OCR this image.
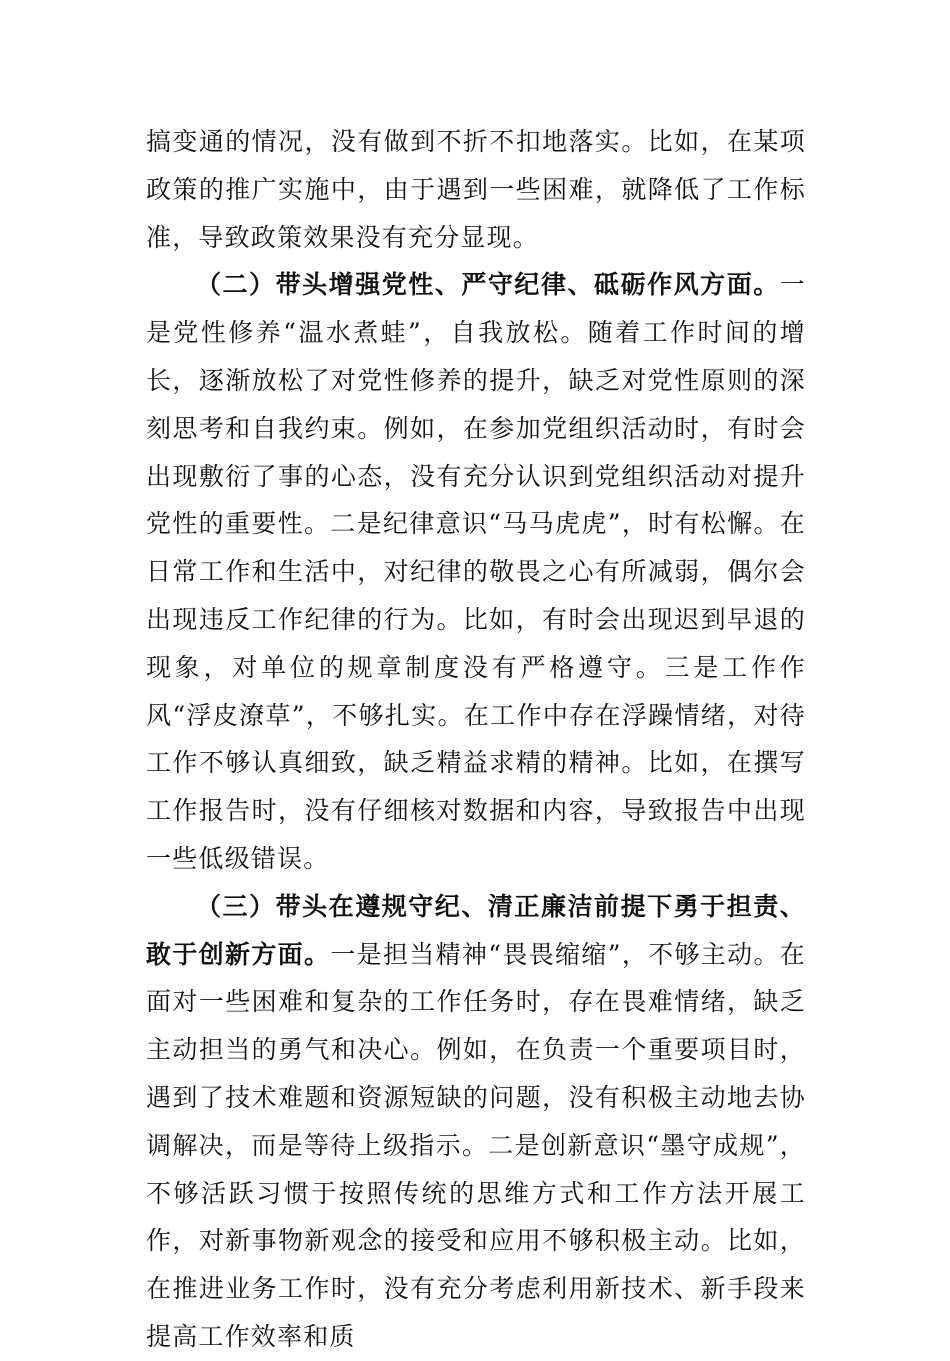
搞变通的情况，没有做到不折不扣地落实。比如，在某项政策的推广实施中，由于遇到一些困难，就降低了工作标准，导致政策效果没有充分显现。

（二）带头增强党性、严守纪律、砥砺作风方面。一是党性修养“温水煮蛙”，自我放松。随着工作时间的增长，逐渐放松了对党性修养的提升，缺乏对党性原则的深刻思考和自我约束。例如，在参加党组织活动时，有时会出现敷衍了事的心态，没有充分认识到党组织活动对提升党性的重要性。二是纪律意识“马马虎虎”，时有松懈。在日常工作和生活中，对纪律的敬畏之心有所减弱，偶尔会出现违反工作纪律的行为。比如，有时会出现迟到早退的现象，对单位的规章制度没有严格遵守。三是工作作风“浮皮潦草”，不够扎实。在工作中存在浮躁情绪，对待工作不够认真细致，缺乏精益求精的精神。比如，在撰写工作报告时，没有仔细核对数据和内容，导致报告中出现一些低级错误。

（三）带头在遵规守纪、清正廉洁前提下勇于担责、敢于创新方面。一是担当精神“畏畏缩缩”，不够主动。在面对一些困难和复杂的工作任务时，存在畏难情绪，缺乏主动担当的勇气和决心。例如，在负责一个重要项目时，遇到了技术难题和资源短缺的问题，没有积极主动地去协调解决，而是等待上级指示。二是创新意识“墨守成规”，不够活跃习惯于按照传统的思维方式和工作方法开展工作，对新事物新观念的接受和应用不够积极主动。比如，在推进业务工作时，没有充分考虑利用新技术、新手段来提高工作效率和质
